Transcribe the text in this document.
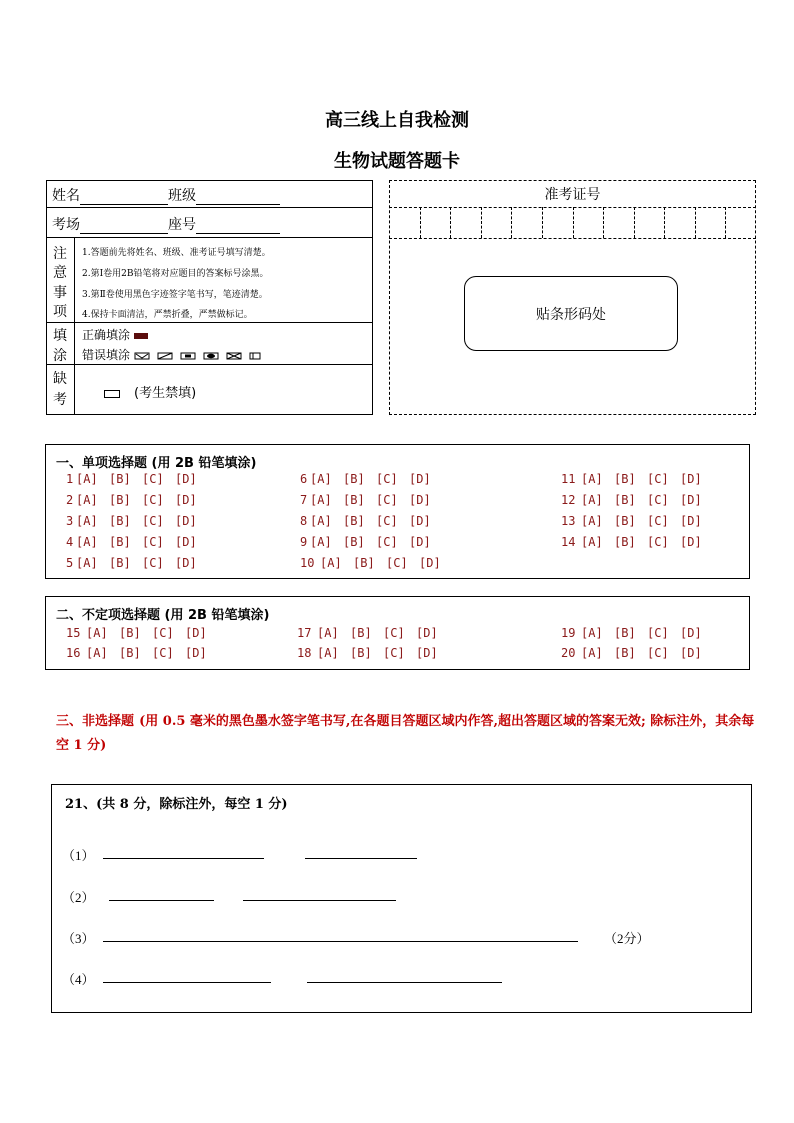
高三线上自我检测
生物试题答题卡
姓名	班级
考场	座号
注
意
事
项
1.答题前先将姓名、班级、准考证号填写清楚。
2.第Ⅰ卷用2B铅笔将对应题目的答案标号涂黑。
3.第Ⅱ卷使用黑色字迹签字笔书写，笔迹清楚。
4.保持卡面清洁，严禁折叠，严禁做标记。
填
涂
正确填涂
错误填涂
缺
考	(考生禁填)
准考证号
贴条形码处
一、单项选择题 (用 2B 铅笔填涂)
1 [A] [B] [C] [D]
2 [A] [B] [C] [D]
3 [A] [B] [C] [D]
4 [A] [B] [C] [D]
5 [A] [B] [C] [D]
6 [A] [B] [C] [D]
7 [A] [B] [C] [D]
8 [A] [B] [C] [D]
9 [A] [B] [C] [D]
10 [A] [B] [C] [D]
11 [A] [B] [C] [D]
12 [A] [B] [C] [D]
13 [A] [B] [C] [D]
14 [A] [B] [C] [D]
二、不定项选择题 (用 2B 铅笔填涂)
15 [A] [B] [C] [D]
16 [A] [B] [C] [D]
17 [A] [B] [C] [D]
18 [A] [B] [C] [D]
19 [A] [B] [C] [D]
20 [A] [B] [C] [D]
三、非选择题 (用 0.5 毫米的黑色墨水签字笔书写,在各题目答题区域内作答,超出答题区域的答案无效; 除标注外，其余每空 1 分)
21、(共 8 分，除标注外，每空 1 分)
（1）
（2）
（3）	（2分）
（4）
